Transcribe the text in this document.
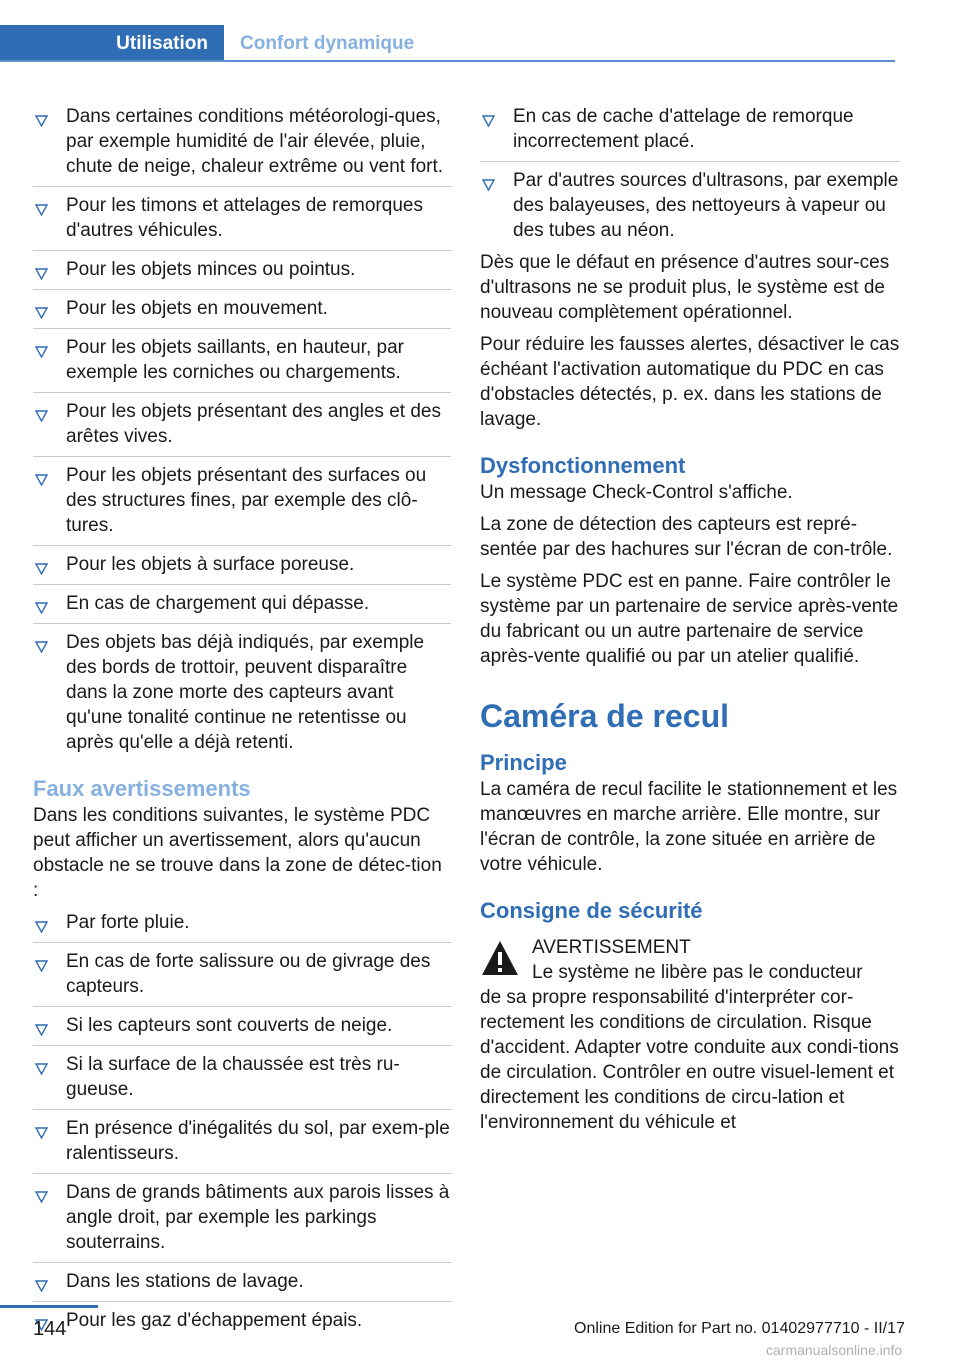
Utilisation Confort dynamique
Dans certaines conditions météorologi-ques, par exemple humidité de l'air élevée, pluie, chute de neige, chaleur extrême ou vent fort.
Pour les timons et attelages de remorques d'autres véhicules.
Pour les objets minces ou pointus.
Pour les objets en mouvement.
Pour les objets saillants, en hauteur, par exemple les corniches ou chargements.
Pour les objets présentant des angles et des arêtes vives.
Pour les objets présentant des surfaces ou des structures fines, par exemple des clô-tures.
Pour les objets à surface poreuse.
En cas de chargement qui dépasse.
Des objets bas déjà indiqués, par exemple des bords de trottoir, peuvent disparaître dans la zone morte des capteurs avant qu'une tonalité continue ne retentisse ou après qu'elle a déjà retenti.
Faux avertissements

Dans les conditions suivantes, le système PDC peut afficher un avertissement, alors qu'aucun obstacle ne se trouve dans la zone de détec-tion :

Par forte pluie.
En cas de forte salissure ou de givrage des capteurs.
Si les capteurs sont couverts de neige.
Si la surface de la chaussée est très ru-gueuse.
En présence d'inégalités du sol, par exem-ple ralentisseurs.
Dans de grands bâtiments aux parois lisses à angle droit, par exemple les parkings souterrains.
Dans les stations de lavage.
Pour les gaz d'échappement épais.
En cas de cache d'attelage de remorque incorrectement placé.
Par d'autres sources d'ultrasons, par exemple des balayeuses, des nettoyeurs à vapeur ou des tubes au néon.

Dès que le défaut en présence d'autres sour-ces d'ultrasons ne se produit plus, le système est de nouveau complètement opérationnel.

Pour réduire les fausses alertes, désactiver le cas échéant l'activation automatique du PDC en cas d'obstacles détectés, p. ex. dans les stations de lavage.

Dysfonctionnement

Un message Check-Control s'affiche.

La zone de détection des capteurs est repré-sentée par des hachures sur l'écran de con-trôle.

Le système PDC est en panne. Faire contrôler le système par un partenaire de service après-vente du fabricant ou un autre partenaire de service après-vente qualifié ou par un atelier qualifié.

Caméra de recul
Principe

La caméra de recul facilite le stationnement et les manœuvres en marche arrière. Elle montre, sur l'écran de contrôle, la zone située en arrière de votre véhicule.

Consigne de sécurité
AVERTISSEMENT
Le système ne libère pas le conducteur
de sa propre responsabilité d'interpréter cor-rectement les conditions de circulation. Risque d'accident. Adapter votre conduite aux condi-tions de circulation. Contrôler en outre visuel-lement et directement les conditions de circu-lation et l'environnement du véhicule et
144	Online Edition for Part no. 01402977710 - II/17
carmanualsonline.info
